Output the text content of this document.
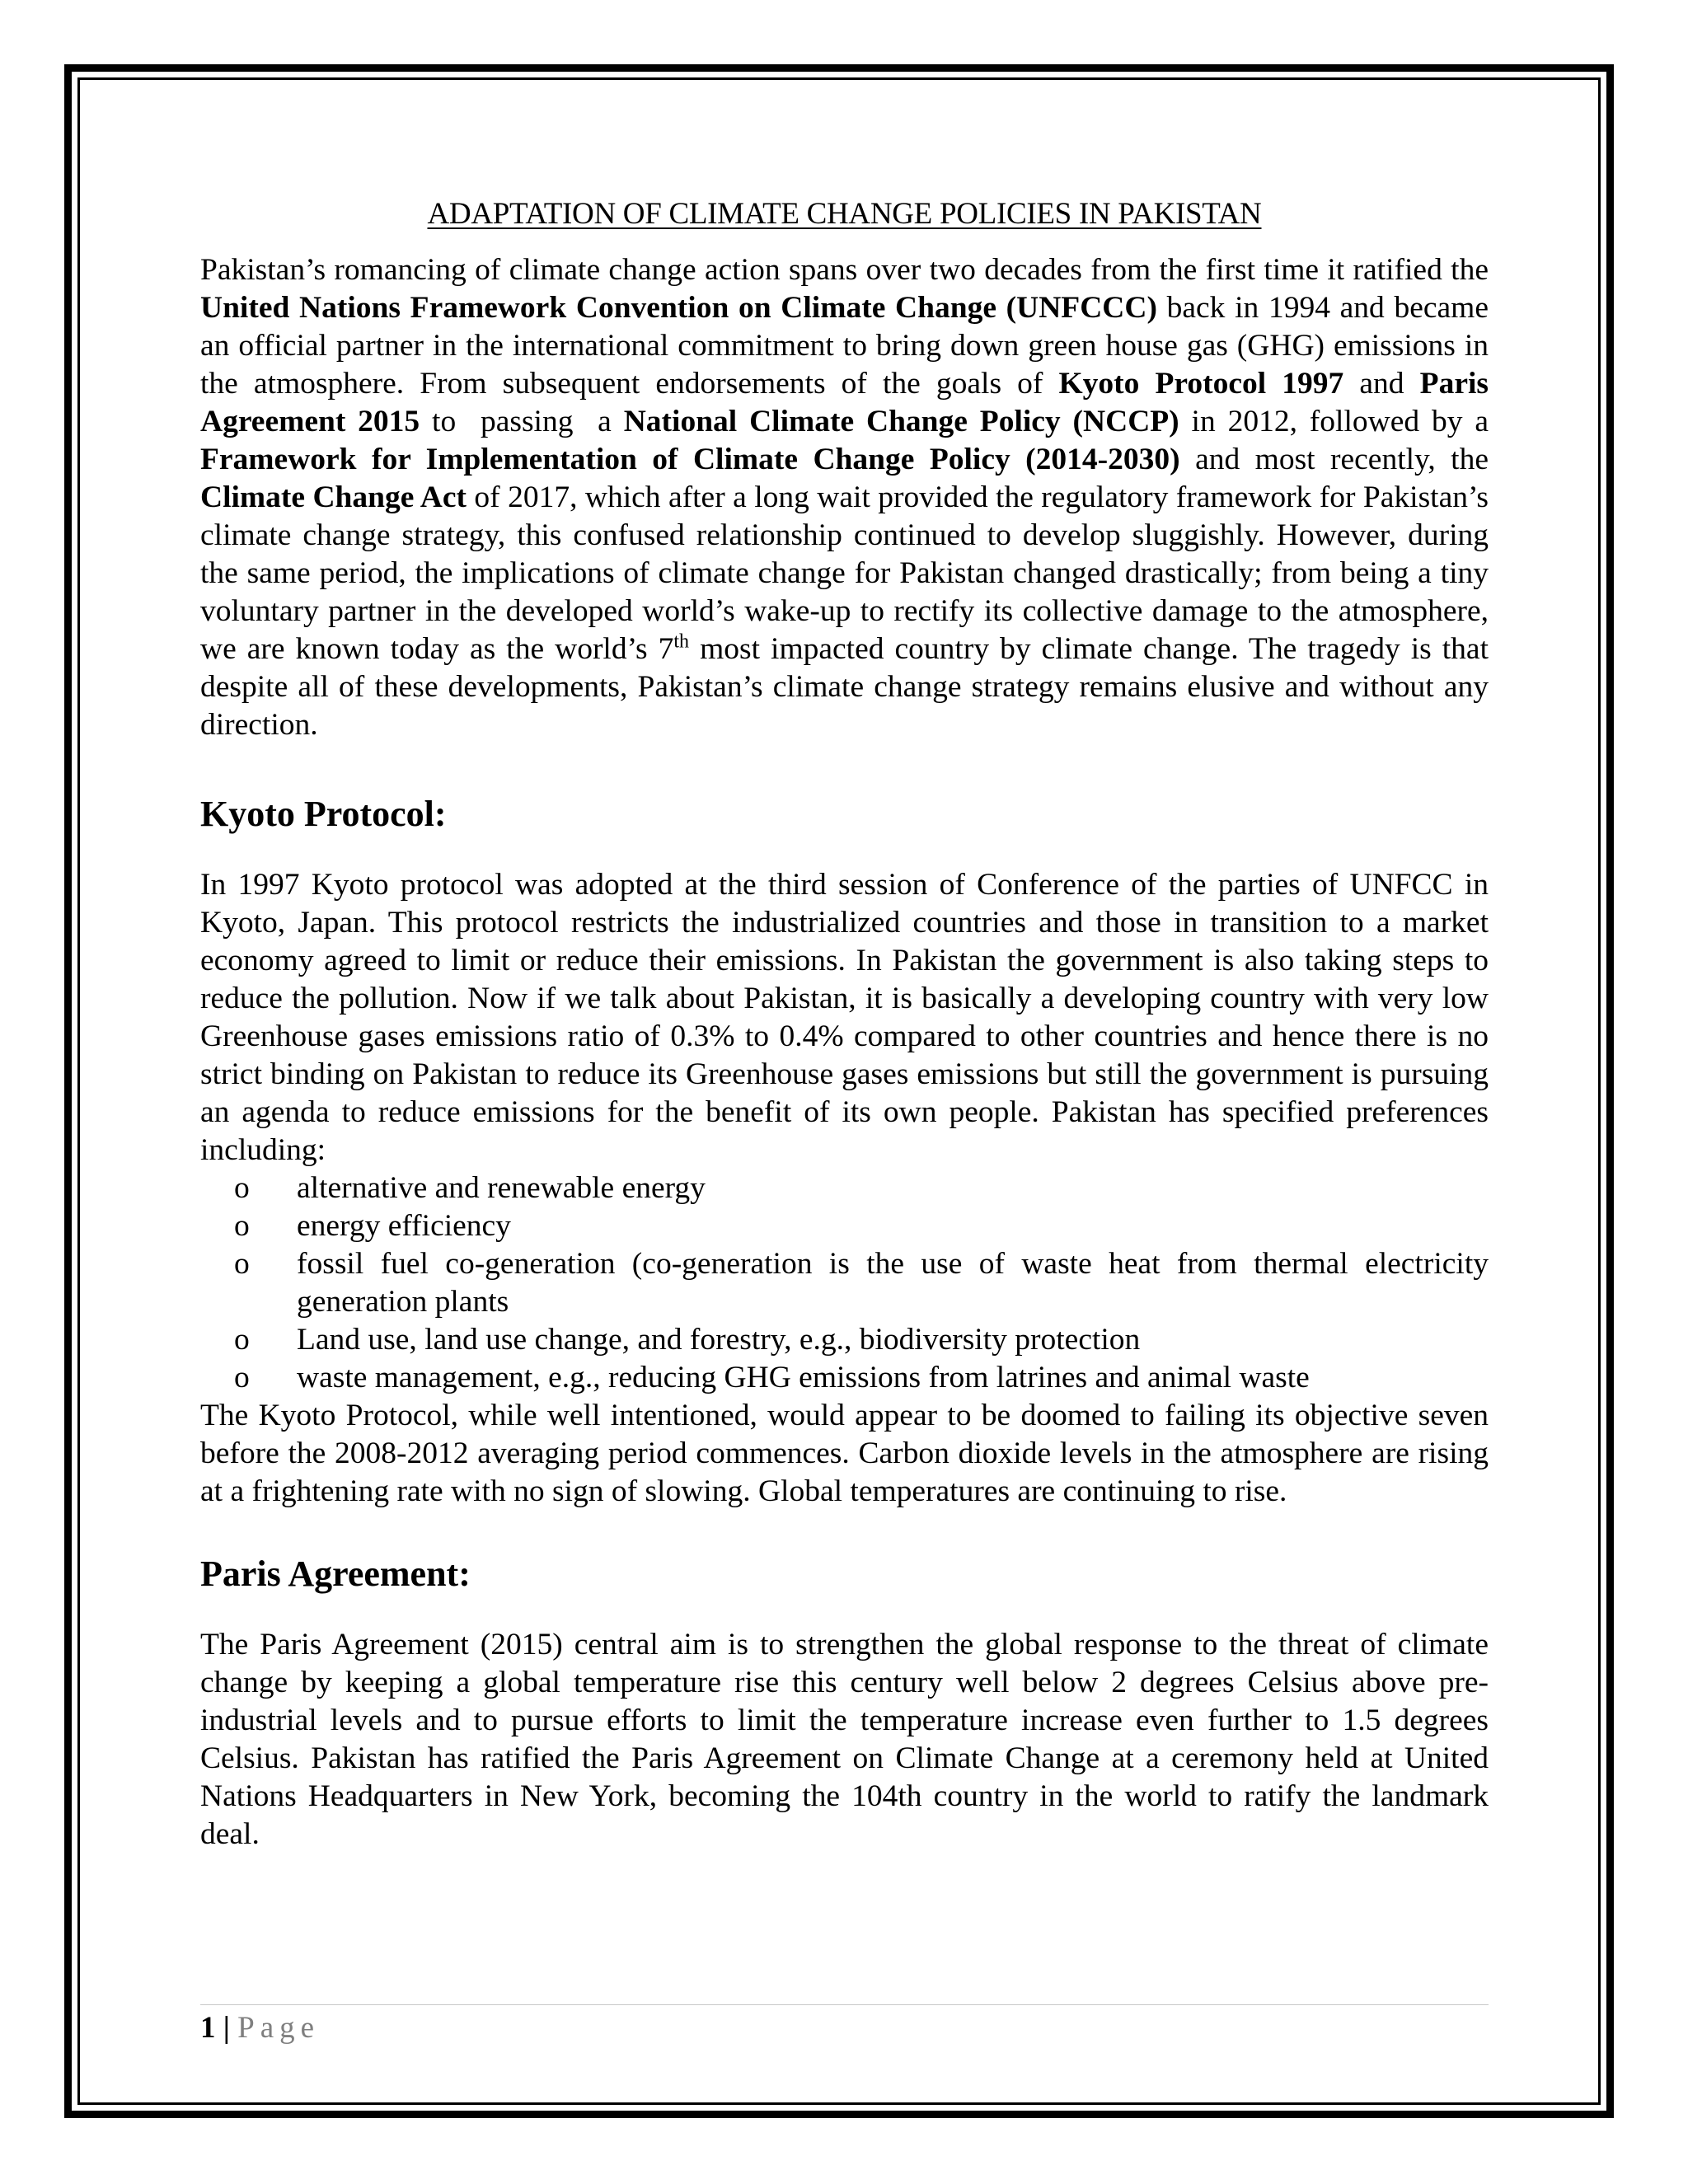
ADAPTATION OF CLIMATE CHANGE POLICIES IN PAKISTAN

Pakistan’s romancing of climate change action spans over two decades from the first time it ratified the United Nations Framework Convention on Climate Change (UNFCCC) back in 1994 and became an official partner in the international commitment to bring down green house gas (GHG) emissions in the atmosphere. From subsequent endorsements of the goals of Kyoto Protocol 1997 and Paris  Agreement 2015 to  passing  a National Climate Change Policy (NCCP) in 2012, followed by a Framework for Implementation of Climate Change Policy (2014-2030) and most recently, the Climate Change Act of 2017, which after a long wait provided the regulatory framework for Pakistan’s climate change strategy, this confused relationship continued to develop sluggishly. However, during the same period, the implications of climate change for Pakistan changed drastically; from being a tiny voluntary partner in the developed world’s wake-up to rectify its collective damage to the atmosphere, we are known today as the world’s 7th most impacted country by climate change. The tragedy is that despite all of these developments, Pakistan’s climate change strategy remains elusive and without any direction.

Kyoto Protocol:

In 1997 Kyoto protocol was adopted at the third session of Conference of the parties of UNFCC in Kyoto, Japan. This protocol restricts the industrialized countries and those in transition to a market economy agreed to limit or reduce their emissions. In Pakistan the government is also taking steps to reduce the pollution. Now if we talk about Pakistan, it is basically a developing country with very low Greenhouse gases emissions ratio of 0.3% to 0.4% compared to other countries and hence there is no strict binding on Pakistan to reduce its Greenhouse gases emissions but still the government is pursuing an agenda to reduce emissions for the benefit of its own people. Pakistan has specified preferences including:

o alternative and renewable energy
o energy efficiency
o fossil fuel co-generation (co-generation is the use of waste heat from thermal electricity generation plants
o Land use, land use change, and forestry, e.g., biodiversity protection
o waste management, e.g., reducing GHG emissions from latrines and animal waste

The Kyoto Protocol, while well intentioned, would appear to be doomed to failing its objective seven before the 2008-2012 averaging period commences. Carbon dioxide levels in the atmosphere are rising at a frightening rate with no sign of slowing. Global temperatures are continuing to rise.

Paris Agreement:

The Paris Agreement (2015) central aim is to strengthen the global response to the threat of climate change by keeping a global temperature rise this century well below 2 degrees Celsius above pre-industrial levels and to pursue efforts to limit the temperature increase even further to 1.5 degrees Celsius. Pakistan has ratified the Paris Agreement on Climate Change at a ceremony held at United Nations Headquarters in New York, becoming the 104th country in the world to ratify the landmark deal.

1 | Page
